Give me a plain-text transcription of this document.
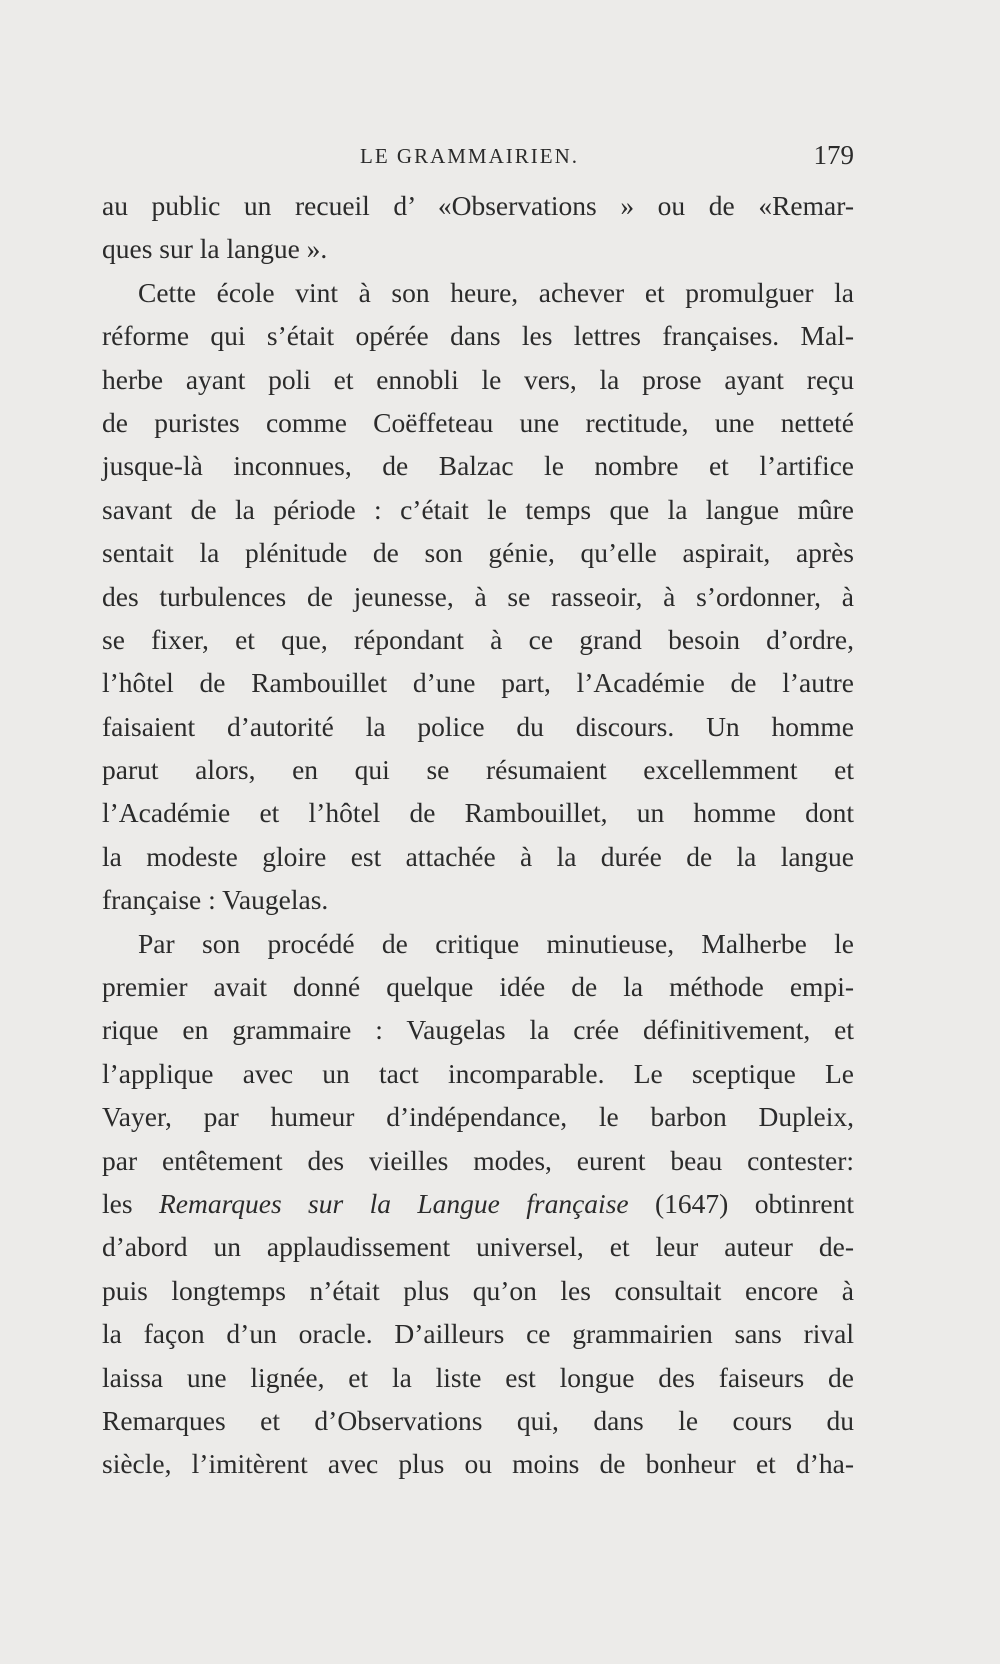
LE GRAMMAIRIEN.	179
au public un recueil d’ «Observations » ou de «Remar-
ques sur la langue ».
Cette école vint à son heure, achever et promulguer la
réforme qui s’était opérée dans les lettres françaises. Mal-
herbe ayant poli et ennobli le vers, la prose ayant reçu
de puristes comme Coëffeteau une rectitude, une netteté
jusque-là inconnues, de Balzac le nombre et l’artifice
savant de la période : c’était le temps que la langue mûre
sentait la plénitude de son génie, qu’elle aspirait, après
des turbulences de jeunesse, à se rasseoir, à s’ordonner, à
se fixer, et que, répondant à ce grand besoin d’ordre,
l’hôtel de Rambouillet d’une part, l’Académie de l’autre
faisaient d’autorité la police du discours. Un homme
parut alors, en qui se résumaient excellemment et
l’Académie et l’hôtel de Rambouillet, un homme dont
la modeste gloire est attachée à la durée de la langue
française : Vaugelas.
Par son procédé de critique minutieuse, Malherbe le
premier avait donné quelque idée de la méthode empi-
rique en grammaire : Vaugelas la crée définitivement, et
l’applique avec un tact incomparable. Le sceptique Le
Vayer, par humeur d’indépendance, le barbon Dupleix,
par entêtement des vieilles modes, eurent beau contester:
les Remarques sur la Langue française (1647) obtinrent
d’abord un applaudissement universel, et leur auteur de-
puis longtemps n’était plus qu’on les consultait encore à
la façon d’un oracle. D’ailleurs ce grammairien sans rival
laissa une lignée, et la liste est longue des faiseurs de
Remarques et d’Observations qui, dans le cours du
siècle, l’imitèrent avec plus ou moins de bonheur et d’ha-
